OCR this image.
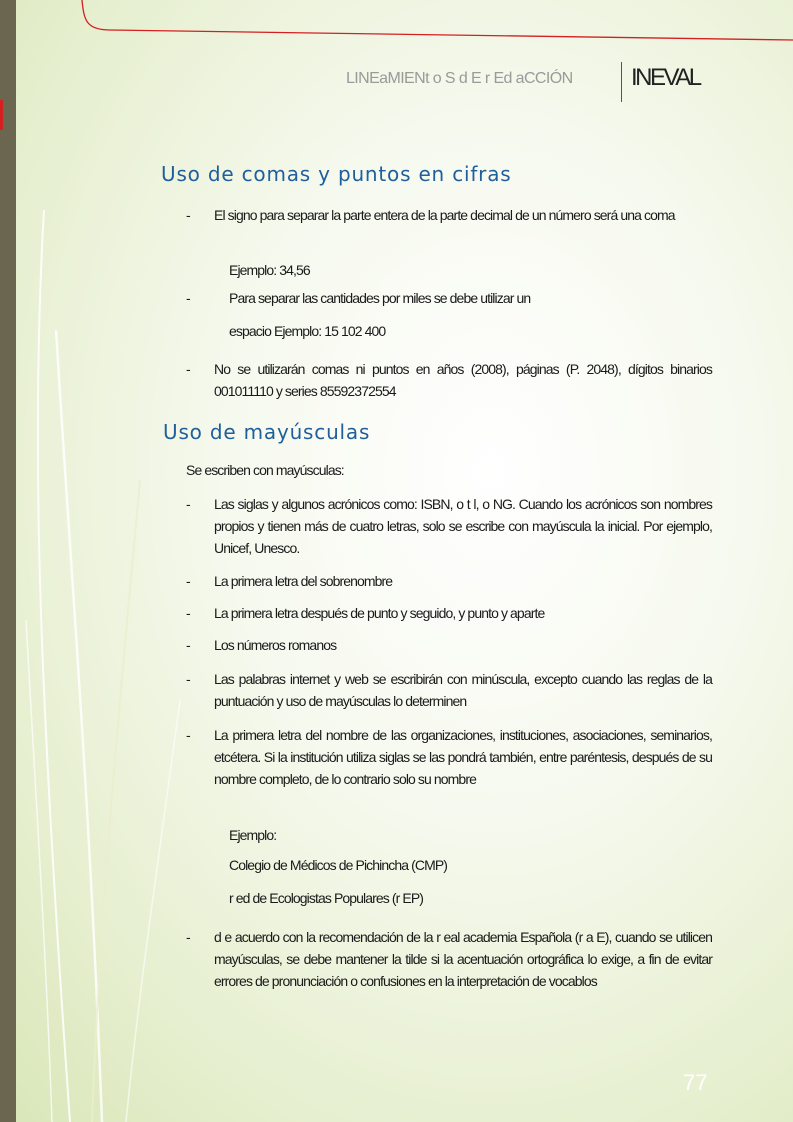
LINEaMIENt o S d E r Ed aCCIÓN INEVAL
Uso de comas y puntos en cifras
- El signo para separar la parte entera de la parte decimal de un número será una coma
Ejemplo: 34,56
-	Para separar las cantidades por miles se debe utilizar un
espacio Ejemplo: 15 102 400
- No se utilizarán comas ni puntos en años (2008), páginas (P. 2048), dígitos binarios 001011110 y series 85592372554
Uso de mayúsculas
Se escriben con mayúsculas:
- Las siglas y algunos acrónicos como: ISBN, o t l, o NG. Cuando los acrónicos son nombres propios y tienen más de cuatro letras, solo se escribe con mayúscula la inicial. Por ejemplo, Unicef, Unesco.
- La primera letra del sobrenombre
- La primera letra después de punto y seguido, y punto y aparte
- Los números romanos
- Las palabras internet y web se escribirán con minúscula, excepto cuando las reglas de la puntuación y uso de mayúsculas lo determinen
- La primera letra del nombre de las organizaciones, instituciones, asociaciones, seminarios, etcétera. Si la institución utiliza siglas se las pondrá también, entre paréntesis, después de su nombre completo, de lo contrario solo su nombre
Ejemplo:
Colegio de Médicos de Pichincha (CMP)
r ed de Ecologistas Populares (r EP)
- d e acuerdo con la recomendación de la r eal academia Española (r a E), cuando se utilicen mayúsculas, se debe mantener la tilde si la acentuación ortográfica lo exige, a fin de evitar errores de pronunciación o confusiones en la interpretación de vocablos
77
